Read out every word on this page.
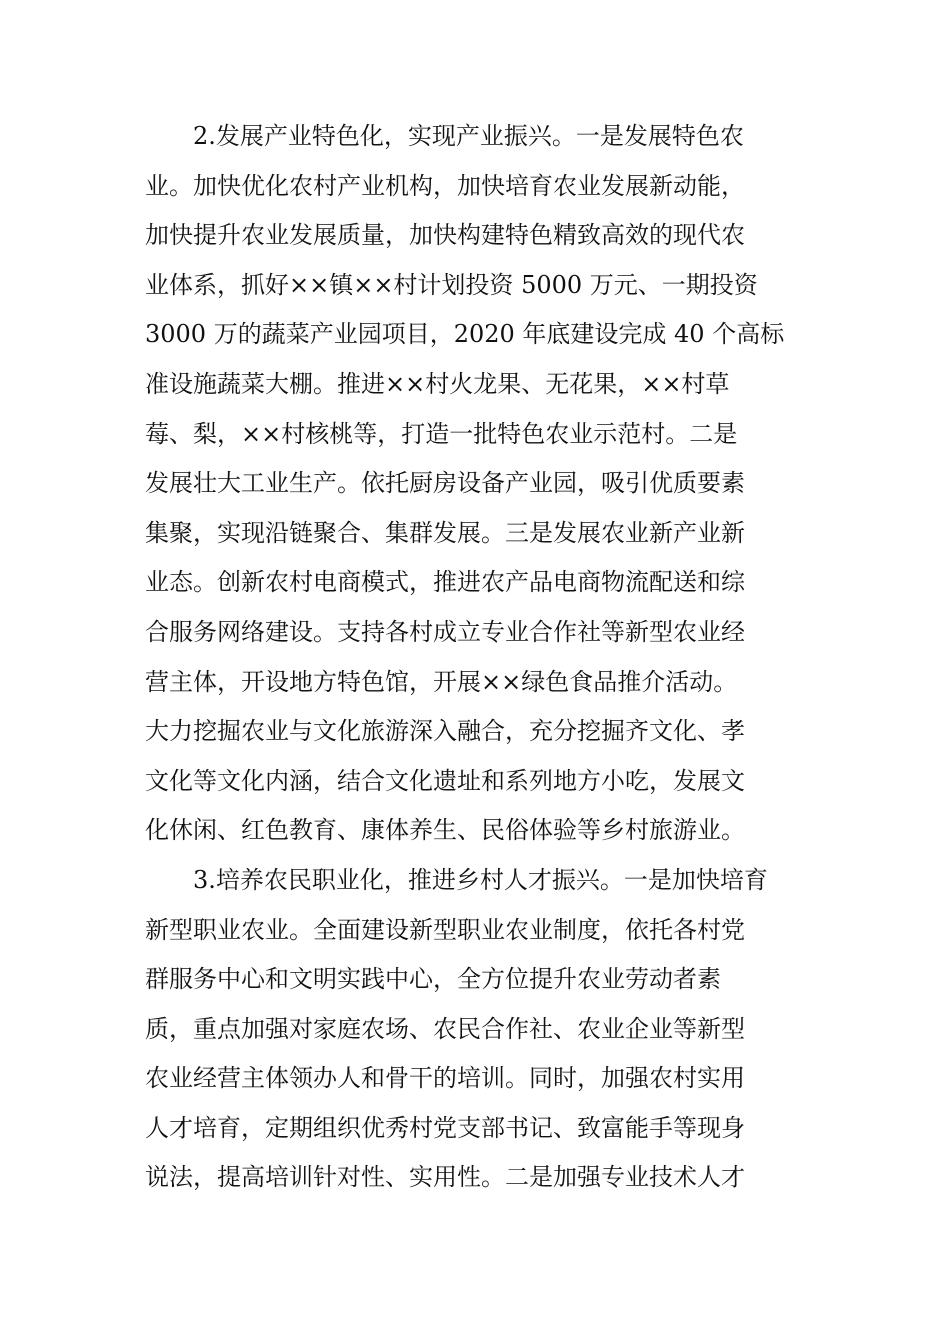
2.发展产业特色化，实现产业振兴。一是发展特色农
业。加快优化农村产业机构，加快培育农业发展新动能，
加快提升农业发展质量，加快构建特色精致高效的现代农
业体系，抓好××镇××村计划投资 5000 万元、一期投资
3000 万的蔬菜产业园项目，2020 年底建设完成 40 个高标
准设施蔬菜大棚。推进××村火龙果、无花果，××村草
莓、梨，××村核桃等，打造一批特色农业示范村。二是
发展壮大工业生产。依托厨房设备产业园，吸引优质要素
集聚，实现沿链聚合、集群发展。三是发展农业新产业新
业态。创新农村电商模式，推进农产品电商物流配送和综
合服务网络建设。支持各村成立专业合作社等新型农业经
营主体，开设地方特色馆，开展××绿色食品推介活动。
大力挖掘农业与文化旅游深入融合，充分挖掘齐文化、孝
文化等文化内涵，结合文化遗址和系列地方小吃，发展文
化休闲、红色教育、康体养生、民俗体验等乡村旅游业。
3.培养农民职业化，推进乡村人才振兴。一是加快培育
新型职业农业。全面建设新型职业农业制度，依托各村党
群服务中心和文明实践中心，全方位提升农业劳动者素
质，重点加强对家庭农场、农民合作社、农业企业等新型
农业经营主体领办人和骨干的培训。同时，加强农村实用
人才培育，定期组织优秀村党支部书记、致富能手等现身
说法，提高培训针对性、实用性。二是加强专业技术人才
